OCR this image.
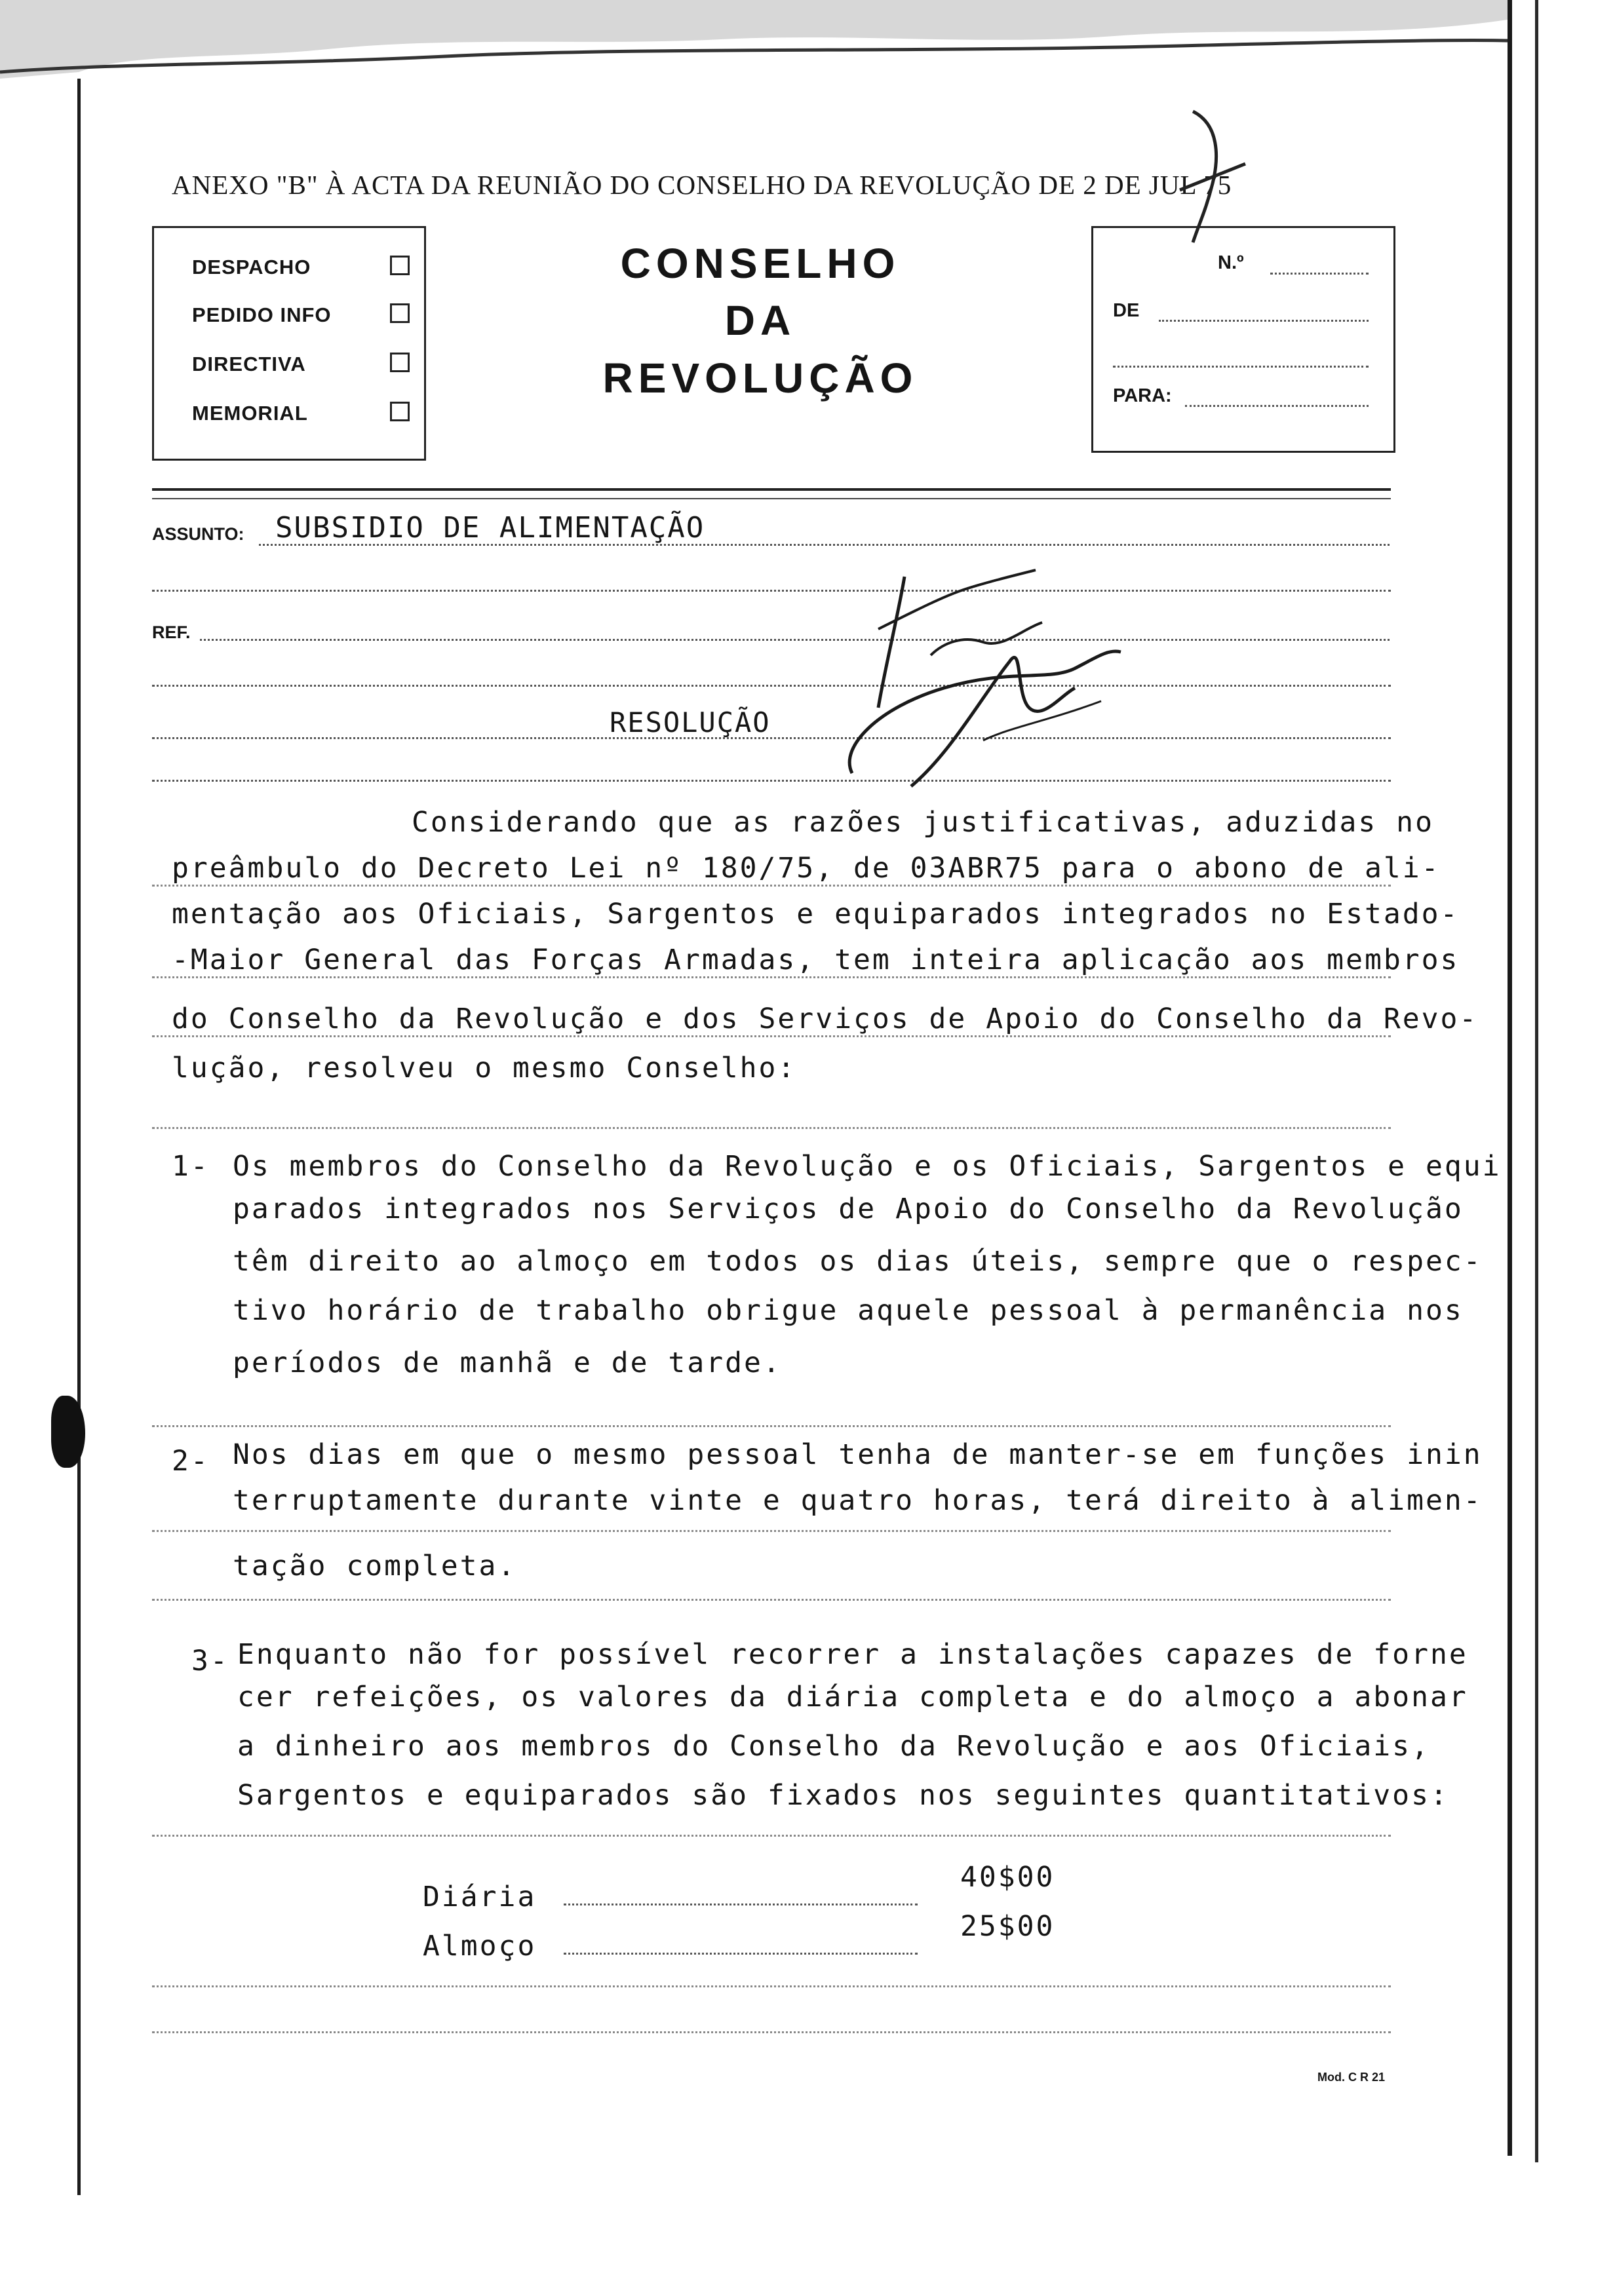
ANEXO "B" À ACTA DA REUNIÃO DO CONSELHO DA REVOLUÇÃO DE 2 DE JUL 75
DESPACHO
PEDIDO INFO
DIRECTIVA
MEMORIAL
CONSELHO
DA
REVOLUÇÃO
N.º
DE
PARA:
ASSUNTO: SUBSIDIO DE ALIMENTAÇÃO
REF.
RESOLUÇÃO
Considerando que as razões justificativas, aduzidas no
preâmbulo do Decreto Lei nº 180/75, de 03ABR75 para o abono de ali-
mentação aos Oficiais, Sargentos e equiparados integrados no Estado-
-Maior General das Forças Armadas, tem inteira aplicação aos membros
do Conselho da Revolução e dos Serviços de Apoio do Conselho da Revo-
lução, resolveu o mesmo Conselho:
1- Os membros do Conselho da Revolução e os Oficiais, Sargentos e equi
parados integrados nos Serviços de Apoio do Conselho da Revolução
têm direito ao almoço em todos os dias úteis, sempre que o respec-
tivo horário de trabalho obrigue aquele pessoal à permanência nos
períodos de manhã e de tarde.
2- Nos dias em que o mesmo pessoal tenha de manter-se em funções inin
terruptamente durante vinte e quatro horas, terá direito à alimen-
tação completa.
3- Enquanto não for possível recorrer a instalações capazes de forne
cer refeições, os valores da diária completa e do almoço a abonar
a dinheiro aos membros do Conselho da Revolução e aos Oficiais,
Sargentos e equiparados são fixados nos seguintes quantitativos:
Diária
40$00
Almoço
25$00
Mod. C R 21
